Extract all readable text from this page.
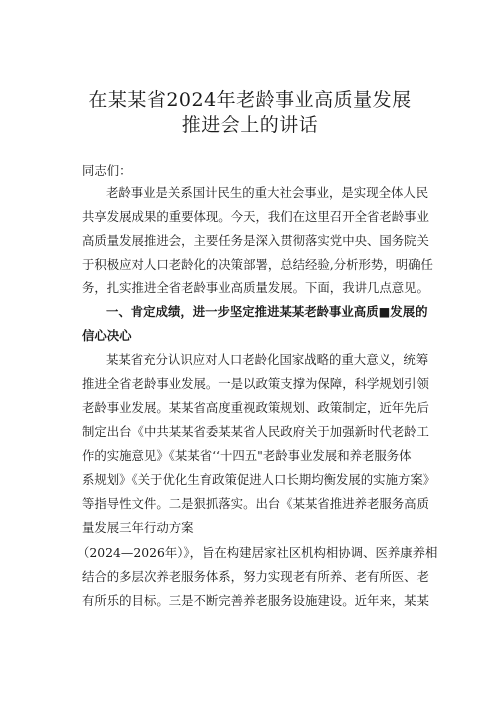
在某某省2024年老龄事业高质量发展
推进会上的讲话
同志们：
老龄事业是关系国计民生的重大社会事业，是实现全体人民
共享发展成果的重要体现。今天，我们在这里召开全省老龄事业
高质量发展推进会，主要任务是深入贯彻落实党中央、国务院关
于积极应对人口老龄化的决策部署，总结经验,分析形势，明确任
务，扎实推进全省老龄事业高质量发展。下面，我讲几点意见。
一、肯定成绩，进一步坚定推进某某老龄事业高质■发展的
信心决心
某某省充分认识应对人口老龄化国家战略的重大意义，统筹
推进全省老龄事业发展。一是以政策支撑为保障，科学规划引领
老龄事业发展。某某省高度重视政策规划、政策制定，近年先后
制定出台《中共某某省委某某省人民政府关于加强新时代老龄工
作的实施意见》《某某省‘‘十四五"老龄事业发展和养老服务体
系规划》《关于优化生育政策促进人口长期均衡发展的实施方案》
等指导性文件。二是狠抓落实。出台《某某省推进养老服务高质
量发展三年行动方案
（2024—2026年）》，旨在构建居家社区机构相协调、医养康养相
结合的多层次养老服务体系，努力实现老有所养、老有所医、老
有所乐的目标。三是不断完善养老服务设施建设。近年来，某某
